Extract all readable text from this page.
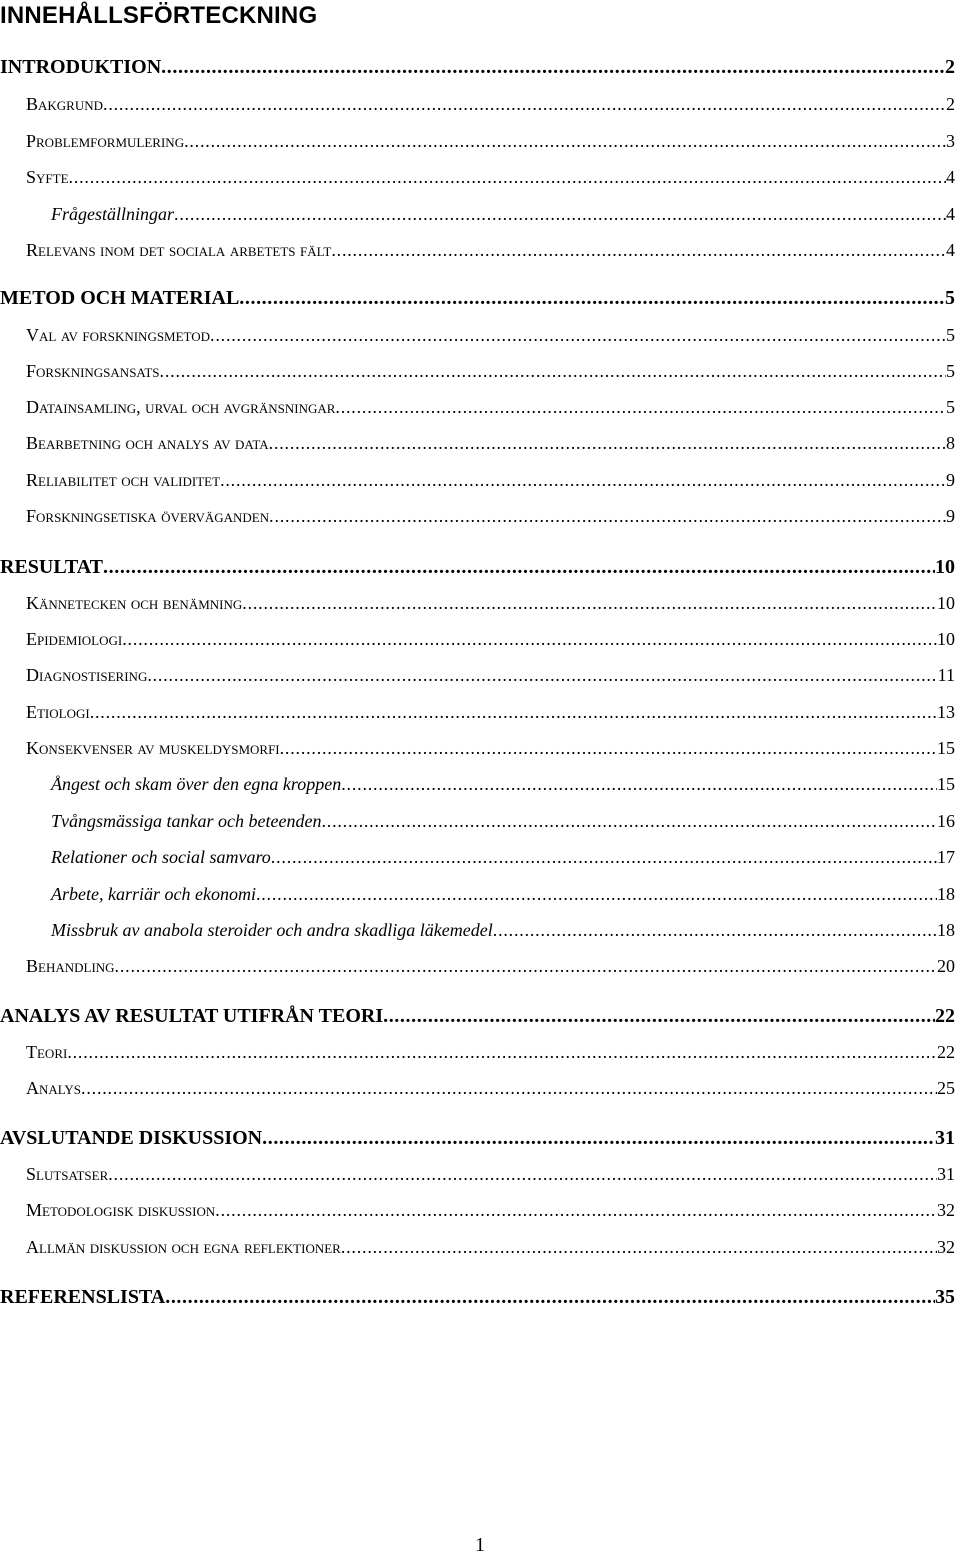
INNEHÅLLSFÖRTECKNING
INTRODUKTION .....	2
Bakgrund .....	2
Problemformulering .....	3
Syfte .....	4
Frågeställningar .....	4
Relevans inom det sociala arbetets fält .....	4
METOD OCH MATERIAL .....	5
Val av forskningsmetod .....	5
Forskningsansats .....	5
Datainsamling, urval och avgränsningar .....	5
Bearbetning och analys av data .....	8
Reliabilitet och validitet .....	9
Forskningsetiska överväganden .....	9
RESULTAT .....	10
Kännetecken och benämning .....	10
Epidemiologi .....	10
Diagnostisering .....	11
Etiologi .....	13
Konsekvenser av muskeldysmorfi .....	15
Ångest och skam över den egna kroppen .....	15
Tvångsmässiga tankar och beteenden .....	16
Relationer och social samvaro .....	17
Arbete, karriär och ekonomi .....	18
Missbruk av anabola steroider och andra skadliga läkemedel .....	18
Behandling .....	20
ANALYS AV RESULTAT UTIFRÅN TEORI .....	22
Teori .....	22
Analys .....	25
AVSLUTANDE DISKUSSION .....	31
Slutsatser .....	31
Metodologisk diskussion .....	32
Allmän diskussion och egna reflektioner .....	32
REFERENSLISTA .....	35
1
